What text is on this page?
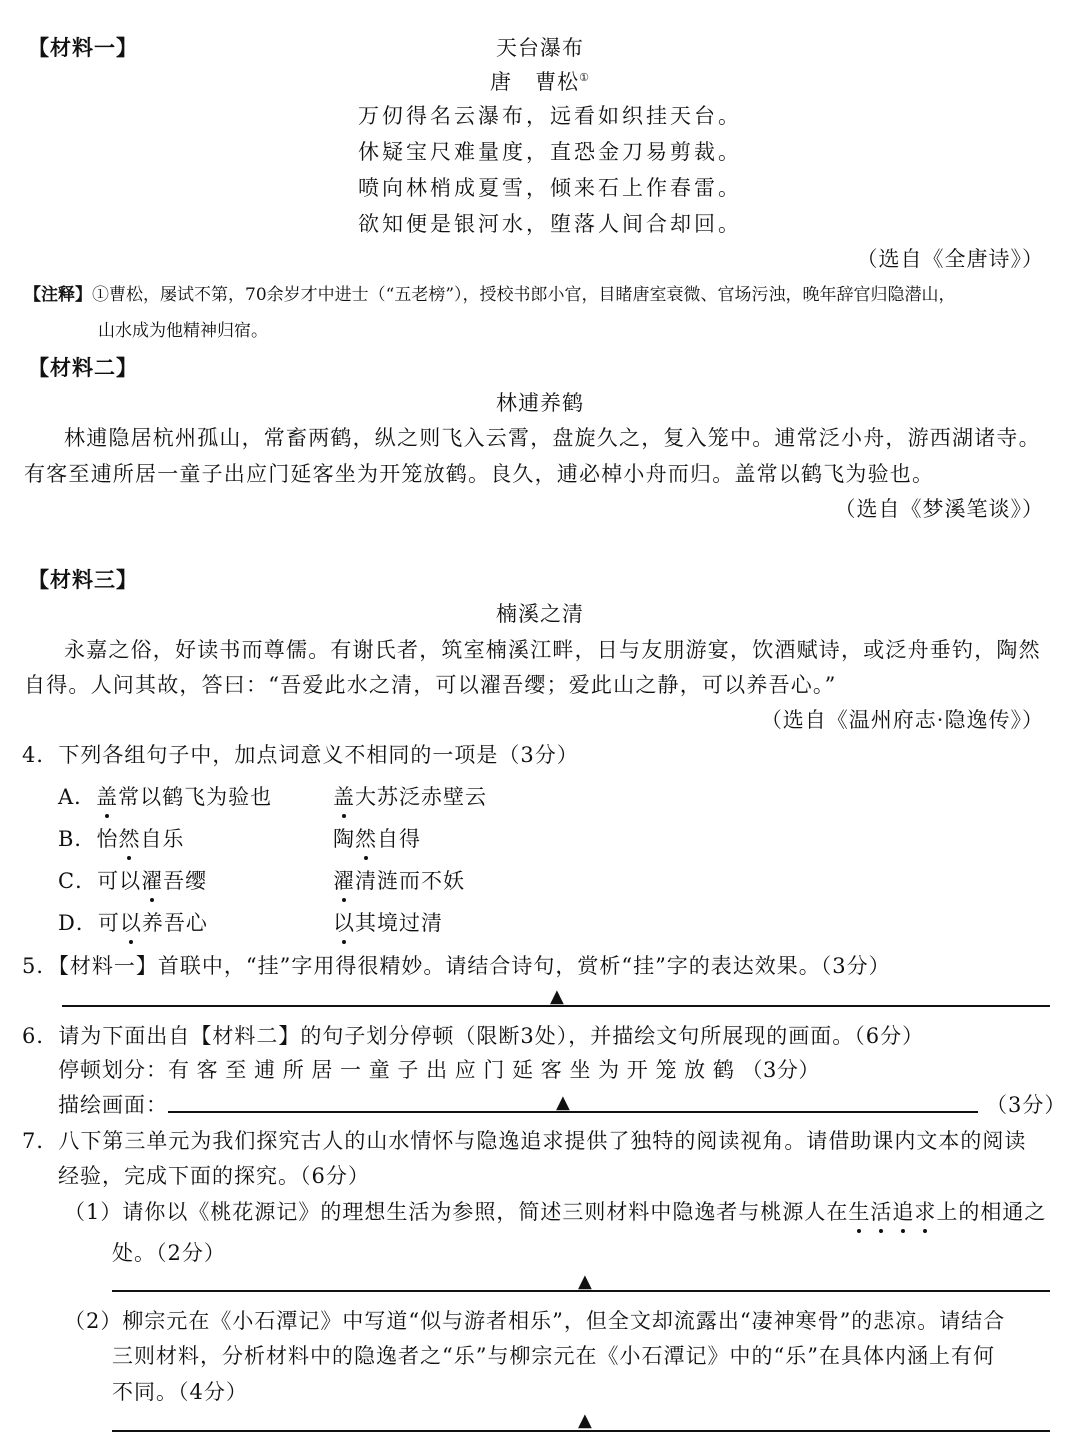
【材料一】	天台瀑布
唐 曹松①
万仞得名云瀑布，远看如织挂天台。
休疑宝尺难量度，直恐金刀易剪裁。
喷向林梢成夏雪，倾来石上作春雷。
欲知便是银河水，堕落人间合却回。
（选自《全唐诗》）
【注释】①曹松，屡试不第，70余岁才中进士（“五老榜”），授校书郎小官，目睹唐室衰微、官场污浊，晚年辞官归隐潜山，
山水成为他精神归宿。
【材料二】
林逋养鹤
林逋隐居杭州孤山，常畜两鹤，纵之则飞入云霄，盘旋久之，复入笼中。逋常泛小舟，游西湖诸寺。
有客至逋所居一童子出应门延客坐为开笼放鹤。良久，逋必棹小舟而归。盖常以鹤飞为验也。
（选自《梦溪笔谈》）
【材料三】
楠溪之清
永嘉之俗，好读书而尊儒。有谢氏者，筑室楠溪江畔，日与友朋游宴，饮酒赋诗，或泛舟垂钓，陶然
自得。人问其故，答曰：“吾爱此水之清，可以濯吾缨；爱此山之静，可以养吾心。”
（选自《温州府志·隐逸传》）
4．下列各组句子中，加点词意义不相同的一项是（3分）
A．盖常以鹤飞为验也	盖大苏泛赤壁云
B．怡然自乐	陶然自得
C．可以濯吾缨	濯清涟而不妖
D．可以养吾心	以其境过清
5．【材料一】首联中，“挂”字用得很精妙。请结合诗句，赏析“挂”字的表达效果。（3分）
▲
6．请为下面出自【材料二】的句子划分停顿（限断3处），并描绘文句所展现的画面。（6分）
停顿划分：有 客 至 逋 所 居 一 童 子 出 应 门 延 客 坐 为 开 笼 放 鹤 （3分）
描绘画面：	▲	（3分）
7．八下第三单元为我们探究古人的山水情怀与隐逸追求提供了独特的阅读视角。请借助课内文本的阅读
经验，完成下面的探究。（6分）
（1）请你以《桃花源记》的理想生活为参照，简述三则材料中隐逸者与桃源人在生活追求上的相通之
处。（2分）
▲
（2）柳宗元在《小石潭记》中写道“似与游者相乐”，但全文却流露出“凄神寒骨”的悲凉。请结合
三则材料，分析材料中的隐逸者之“乐”与柳宗元在《小石潭记》中的“乐”在具体内涵上有何
不同。（4分）
▲
